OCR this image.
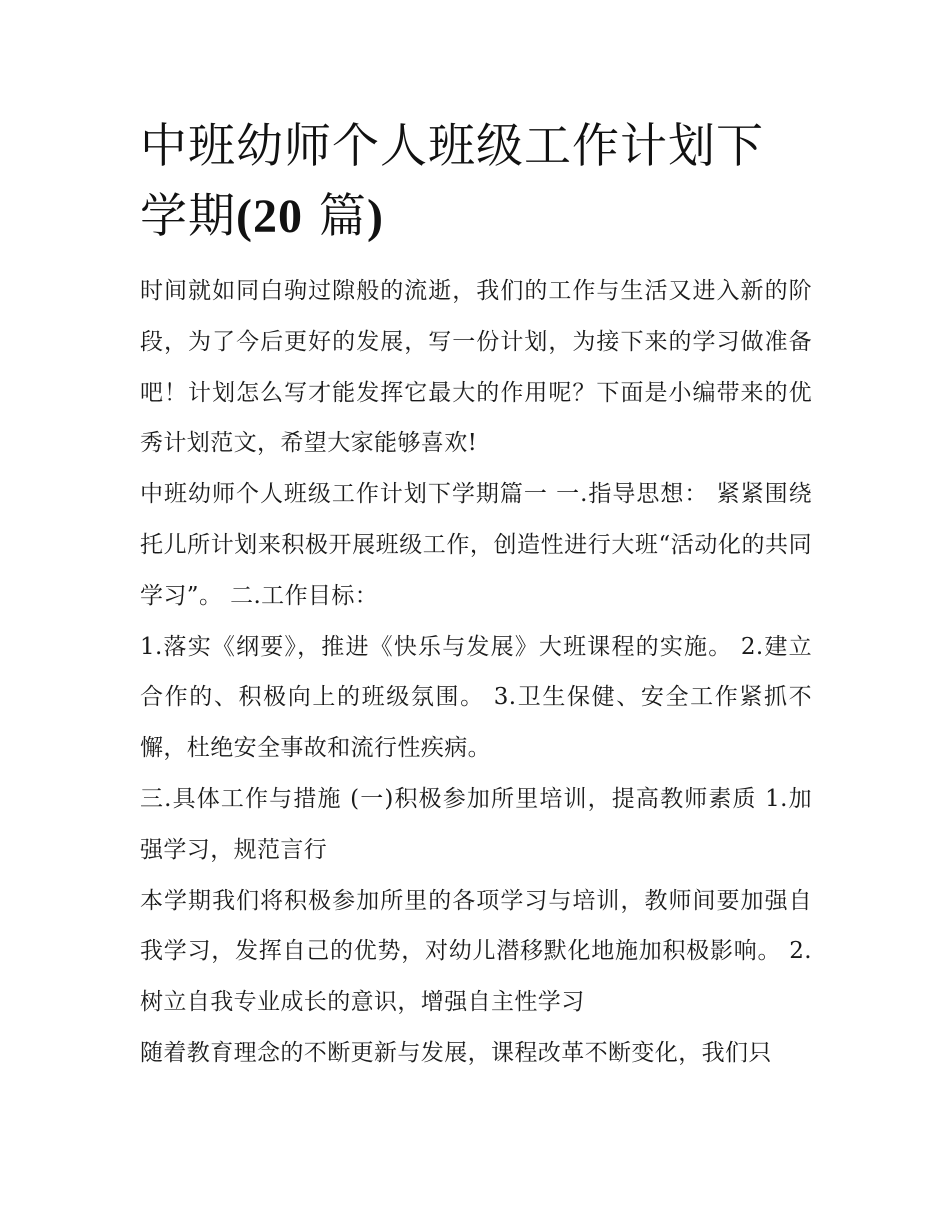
中班幼师个人班级工作计划下
学期(20 篇)

时间就如同白驹过隙般的流逝，我们的工作与生活又进入新的阶段，为了今后更好的发展，写一份计划，为接下来的学习做准备吧！计划怎么写才能发挥它最大的作用呢？下面是小编带来的优秀计划范文，希望大家能够喜欢!

中班幼师个人班级工作计划下学期篇一 一.指导思想： 紧紧围绕托儿所计划来积极开展班级工作，创造性进行大班“活动化的共同学习”。 二.工作目标：

1.落实《纲要》，推进《快乐与发展》大班课程的实施。 2.建立合作的、积极向上的班级氛围。 3.卫生保健、安全工作紧抓不懈，杜绝安全事故和流行性疾病。

三.具体工作与措施 (一)积极参加所里培训，提高教师素质 1.加强学习，规范言行

本学期我们将积极参加所里的各项学习与培训，教师间要加强自我学习，发挥自己的优势，对幼儿潜移默化地施加积极影响。 2.树立自我专业成长的意识，增强自主性学习

随着教育理念的不断更新与发展，课程改革不断变化，我们只
